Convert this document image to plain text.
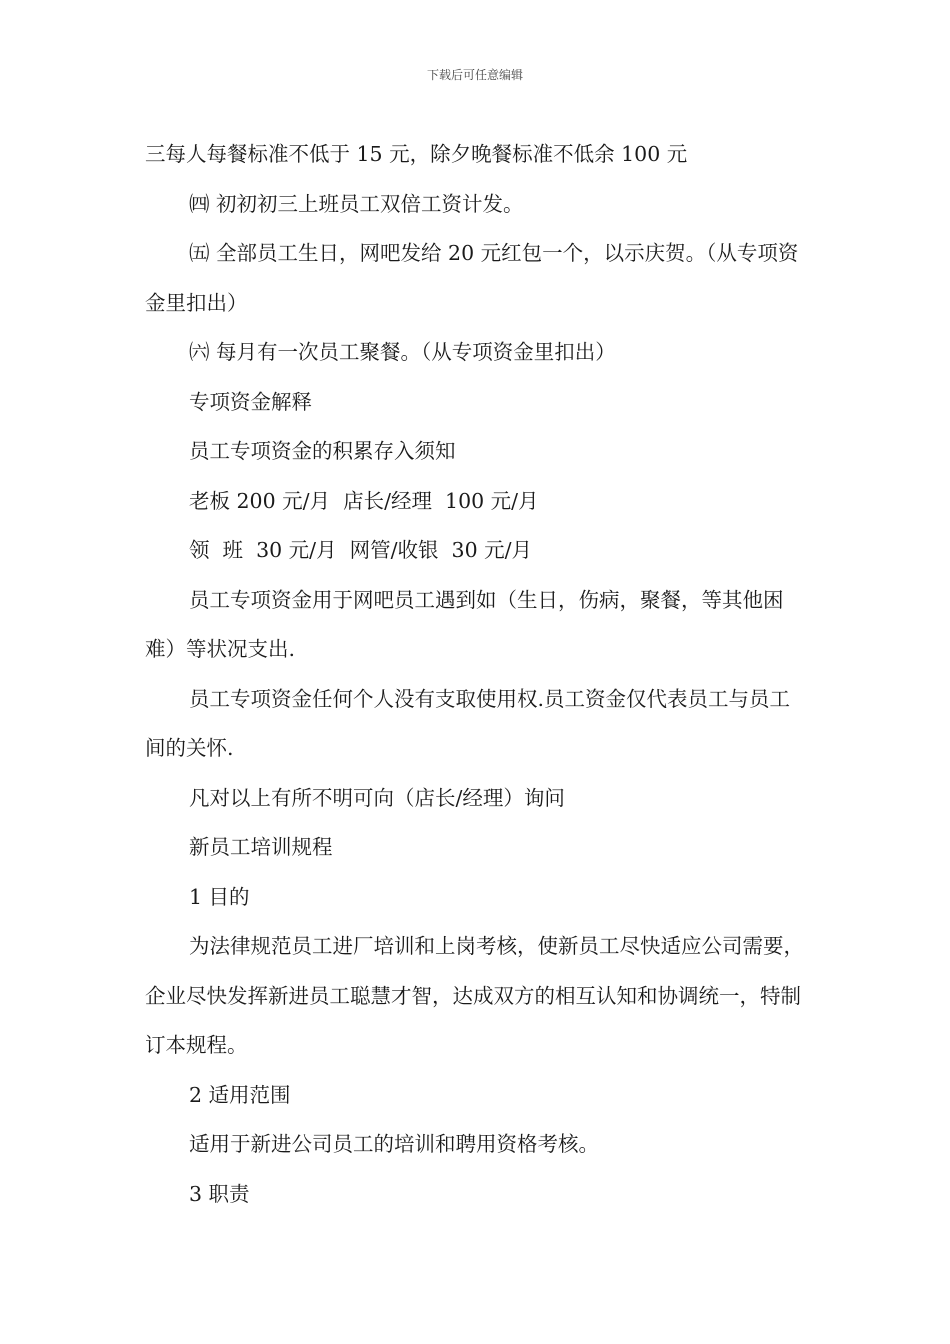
下载后可任意编辑

三每人每餐标准不低于 15 元，除夕晚餐标准不低余 100 元

㈣ 初初初三上班员工双倍工资计发。

㈤ 全部员工生日，网吧发给 20 元红包一个，以示庆贺。（从专项资金里扣出）

㈥ 每月有一次员工聚餐。（从专项资金里扣出）

专项资金解释

员工专项资金的积累存入须知

老板 200 元/月  店长/经理  100 元/月

领  班  30 元/月  网管/收银  30 元/月

员工专项资金用于网吧员工遇到如（生日，伤病，聚餐，等其他困难）等状况支出.

员工专项资金任何个人没有支取使用权.员工资金仅代表员工与员工间的关怀.

凡对以上有所不明可向（店长/经理）询问

新员工培训规程

1 目的

为法律规范员工进厂培训和上岗考核，使新员工尽快适应公司需要，企业尽快发挥新进员工聪慧才智，达成双方的相互认知和协调统一，特制订本规程。

2 适用范围

适用于新进公司员工的培训和聘用资格考核。

3 职责
